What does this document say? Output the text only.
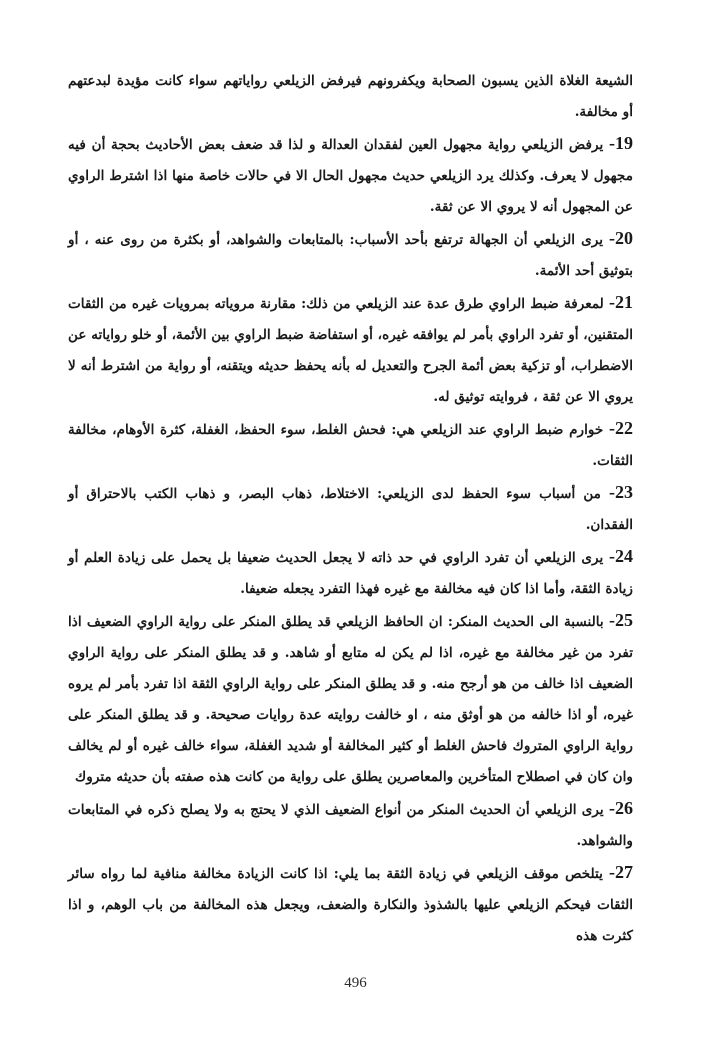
الشيعة الغلاة الذين يسبون الصحابة ويكفرونهم فيرفض الزيلعي رواياتهم سواء كانت مؤيدة لبدعتهم أو مخالفة.

19- يرفض الزيلعي رواية مجهول العين لفقدان العدالة و لذا قد ضعف بعض الأحاديث بحجة أن فيه مجهول لا يعرف. وكذلك يرد الزيلعي حديث مجهول الحال الا في حالات خاصة منها اذا اشترط الراوي عن المجهول أنه لا يروي الا عن ثقة.

20- يرى الزيلعي أن الجهالة ترتفع بأحد الأسباب: بالمتابعات والشواهد، أو بكثرة من روى عنه ، أو بتوثيق أحد الأئمة.

21- لمعرفة ضبط الراوي طرق عدة عند الزيلعي من ذلك: مقارنة مروياته بمرويات غيره من الثقات المتقنين، أو تفرد الراوي بأمر لم يوافقه غيره، أو استفاضة ضبط الراوي بين الأئمة، أو خلو رواياته عن الاضطراب، أو تزكية بعض أئمة الجرح والتعديل له بأنه يحفظ حديثه ويتقنه، أو رواية من اشترط أنه لا يروي الا عن ثقة ، فروايته توثيق له.

22- خوارم ضبط الراوي عند الزيلعي هي: فحش الغلط، سوء الحفظ، الغفلة، كثرة الأوهام، مخالفة الثقات.

23- من أسباب سوء الحفظ لدى الزيلعي: الاختلاط، ذهاب البصر، و ذهاب الكتب بالاحتراق أو الفقدان.

24- يرى الزيلعي أن تفرد الراوي في حد ذاته لا يجعل الحديث ضعيفا بل يحمل على زيادة العلم أو زيادة الثقة، وأما اذا كان فيه مخالفة مع غيره فهذا التفرد يجعله ضعيفا.

25- بالنسبة الى الحديث المنكر: ان الحافظ الزيلعي قد يطلق المنكر على رواية الراوي الضعيف اذا تفرد من غير مخالفة مع غيره، اذا لم يكن له متابع أو شاهد. و قد يطلق المنكر على رواية الراوي الضعيف اذا خالف من هو أرجح منه. و قد يطلق المنكر على رواية الراوي الثقة اذا تفرد بأمر لم يروه غيره، أو اذا خالفه من هو أوثق منه ، او خالفت روايته عدة روايات صحيحة. و قد يطلق المنكر على رواية الراوي المتروك فاحش الغلط أو كثير المخالفة أو شديد الغفلة، سواء خالف غيره أو لم يخالف وان كان في اصطلاح المتأخرين والمعاصرين يطلق على رواية من كانت هذه صفته بأن حديثه متروك

26- يرى الزيلعي أن الحديث المنكر من أنواع الضعيف الذي لا يحتج به ولا يصلح ذكره في المتابعات والشواهد.

27- يتلخص موقف الزيلعي في زيادة الثقة بما يلي: اذا كانت الزيادة مخالفة منافية لما رواه سائر الثقات فيحكم الزيلعي عليها بالشذوذ والنكارة والضعف، ويجعل هذه المخالفة من باب الوهم، و اذا كثرت هذه

496
